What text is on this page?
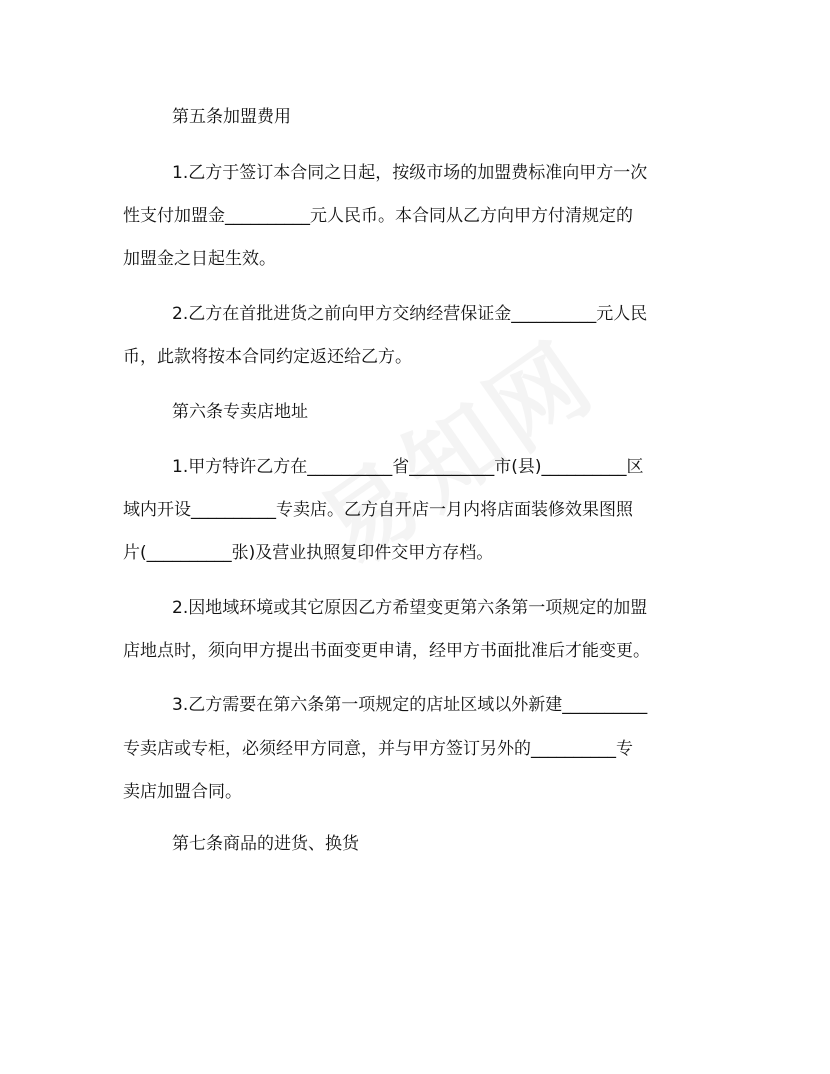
第五条加盟费用
1.乙方于签订本合同之日起，按级市场的加盟费标准向甲方一次
性支付加盟金__________元人民币。本合同从乙方向甲方付清规定的
加盟金之日起生效。
2.乙方在首批进货之前向甲方交纳经营保证金__________元人民
币，此款将按本合同约定返还给乙方。
第六条专卖店地址
1.甲方特许乙方在__________省__________市(县)__________区
域内开设__________专卖店。乙方自开店一月内将店面装修效果图照
片(__________张)及营业执照复印件交甲方存档。
2.因地域环境或其它原因乙方希望变更第六条第一项规定的加盟
店地点时，须向甲方提出书面变更申请，经甲方书面批准后才能变更。
3.乙方需要在第六条第一项规定的店址区域以外新建__________
专卖店或专柜，必须经甲方同意，并与甲方签订另外的__________专
卖店加盟合同。
第七条商品的进货、换货
